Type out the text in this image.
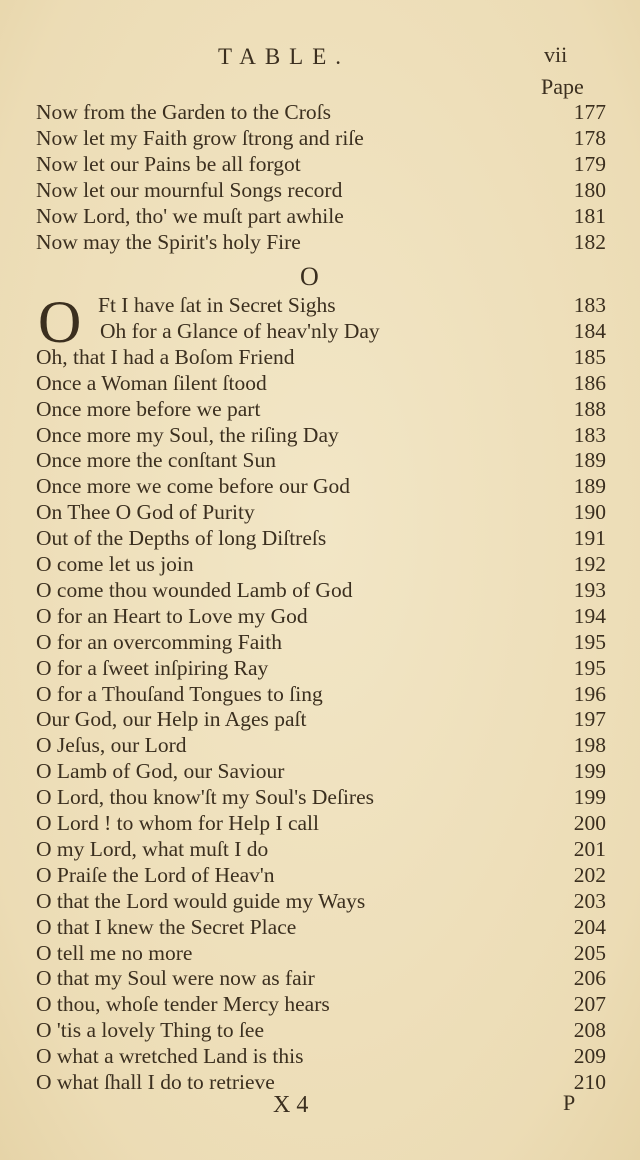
TABLE.	vii
Pape
Now from the Garden to the Croſs	177
Now let my Faith grow ſtrong and riſe	178
Now let our Pains be all forgot	179
Now let our mournful Songs record	180
Now Lord, tho' we muſt part awhile	181
Now may the Spirit's holy Fire	182
O
O Ft I have ſat in Secret Sighs	183
Oh for a Glance of heav'nly Day	184
Oh, that I had a Boſom Friend	185
Once a Woman ſilent ſtood	186
Once more before we part	188
Once more my Soul, the riſing Day	183
Once more the conſtant Sun	189
Once more we come before our God	189
On Thee O God of Purity	190
Out of the Depths of long Diſtreſs	191
O come let us join	192
O come thou wounded Lamb of God	193
O for an Heart to Love my God	194
O for an overcomming Faith	195
O for a ſweet inſpiring Ray	195
O for a Thouſand Tongues to ſing	196
Our God, our Help in Ages paſt	197
O Jeſus, our Lord	198
O Lamb of God, our Saviour	199
O Lord, thou know'ſt my Soul's Deſires	199
O Lord ! to whom for Help I call	200
O my Lord, what muſt I do	201
O Praiſe the Lord of Heav'n	202
O that the Lord would guide my Ways	203
O that I knew the Secret Place	204
O tell me no more	205
O that my Soul were now as fair	206
O thou, whoſe tender Mercy hears	207
O 'tis a lovely Thing to ſee	208
O what a wretched Land is this	209
O what ſhall I do to retrieve	210
X 4	P
